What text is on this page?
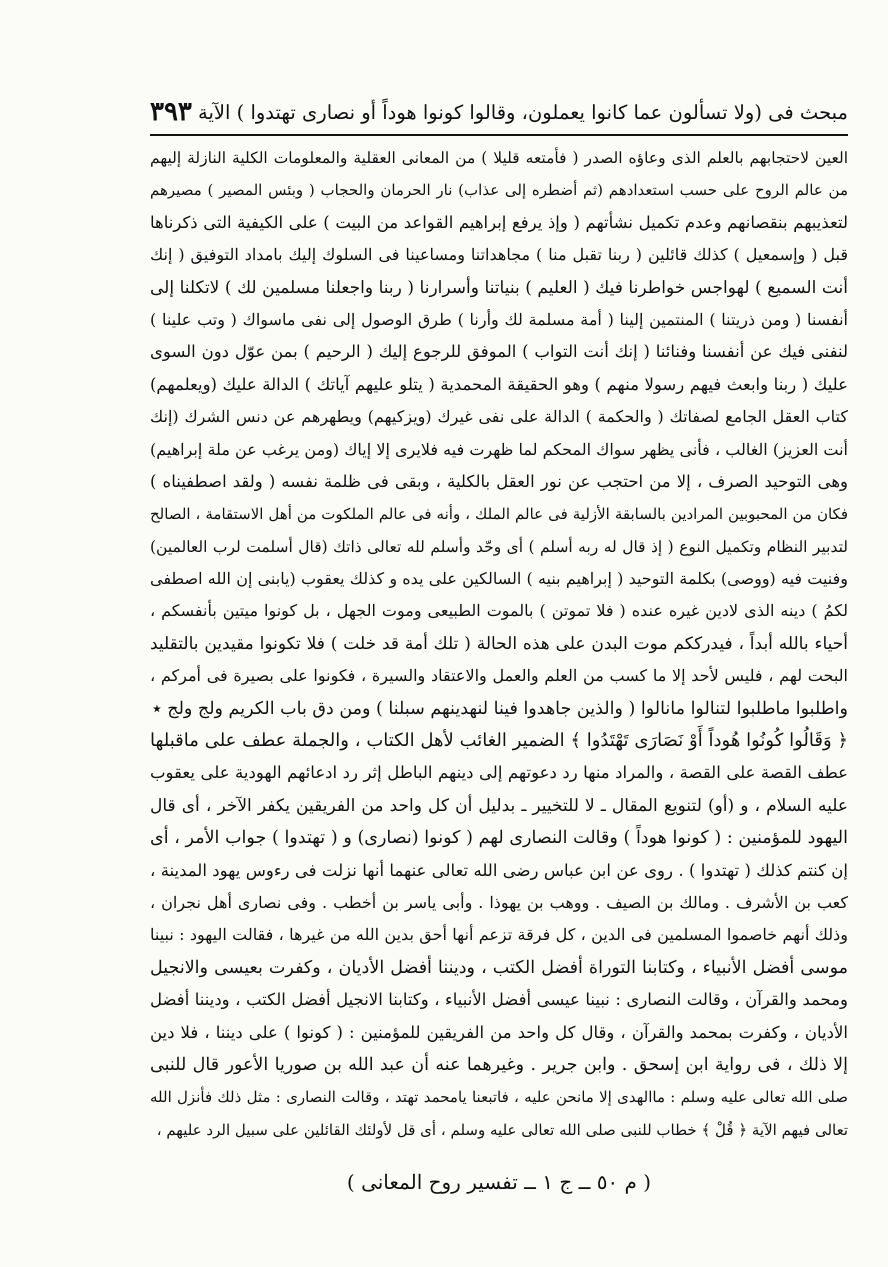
مبحث فى (ولا تسألون عما كانوا يعملون، وقالوا كونوا هوداً أو نصارى تهتدوا ) الآية
٣٩٣
العين لاحتجابهم بالعلم الذى وعاؤه الصدر ( فأمتعه قليلا ) من المعانى العقلية والمعلومات الكلية النازلة إليهم
من عالم الروح على حسب استعدادهم (ثم أضطره إلى عذاب) نار الحرمان والحجاب ( وبئس المصير ) مصيرهم
لتعذيبهم بنقصانهم وعدم تكميل نشأتهم ( وإذ يرفع إبراهيم القواعد من البيت ) على الكيفية التى ذكرناها
قبل ( وإسمعيل ) كذلك قائلين ( ربنا تقبل منا ) مجاهداتنا ومساعينا فى السلوك إليك بامداد التوفيق ( إنك
أنت السميع ) لهواجس خواطرنا فيك ( العليم ) بنياتنا وأسرارنا ( ربنا واجعلنا مسلمين لك ) لاتكلنا إلى
أنفسنا ( ومن ذريتنا ) المنتمين إلينا ( أمة مسلمة لك وأرنا ) طرق الوصول إلى نفى ماسواك ( وتب علينا )
لنفنى فيك عن أنفسنا وفنائنا ( إنك أنت التواب ) الموفق للرجوع إليك ( الرحيم ) بمن عوّل دون السوى
عليك ( ربنا وابعث فيهم رسولا منهم ) وهو الحقيقة المحمدية ( يتلو عليهم آياتك ) الدالة عليك (ويعلمهم)
كتاب العقل الجامع لصفاتك ( والحكمة ) الدالة على نفى غيرك (ويزكيهم) ويطهرهم عن دنس الشرك (إنك
أنت العزيز) الغالب ، فأنى يظهر سواك المحكم لما ظهرت فيه فلايرى إلا إياك (ومن يرغب عن ملة إبراهيم)
وهى التوحيد الصرف ، إلا من احتجب عن نور العقل بالكلية ، وبقى فى ظلمة نفسه ( ولقد اصطفيناه )
فكان من المحبوبين المرادين بالسابقة الأزلية فى عالم الملك ، وأنه فى عالم الملكوت من أهل الاستقامة ، الصالح
لتدبير النظام وتكميل النوع ( إذ قال له ربه أسلم ) أى وحّد وأسلم لله تعالى ذاتك (قال أسلمت لرب العالمين)
وفنيت فيه (ووصى) بكلمة التوحيد ( إبراهيم بنيه ) السالكين على يده و كذلك يعقوب (يابنى إن الله اصطفى
لكمُ ) دينه الذى لادين غيره عنده ( فلا تموتن ) بالموت الطبيعى وموت الجهل ، بل كونوا ميتين بأنفسكم ،
أحياء بالله أبداً ، فيدرككم موت البدن على هذه الحالة ( تلك أمة قد خلت ) فلا تكونوا مقيدين بالتقليد
البحت لهم ، فليس لأحد إلا ما كسب من العلم والعمل والاعتقاد والسيرة ، فكونوا على بصيرة فى أمركم ،
واطلبوا ماطلبوا لتنالوا مانالوا ( والذين جاهدوا فينا لنهدينهم سبلنا ) ومن دق باب الكريم ولج ولج ٭
﴿ وَقَالُوا كُونُوا هُوداً أَوْ نَصَارَى تَهْتَدُوا ﴾ الضمير الغائب لأهل الكتاب ، والجملة عطف على ماقبلها
عطف القصة على القصة ، والمراد منها رد دعوتهم إلى دينهم الباطل إثر رد ادعائهم الهودية على يعقوب
عليه السلام ، و (أو) لتنويع المقال ـ لا للتخيير ـ بدليل أن كل واحد من الفريقين يكفر الآخر ، أى قال
اليهود للمؤمنين : ( كونوا هوداً ) وقالت النصارى لهم ( كونوا (نصارى) و ( تهتدوا ) جواب الأمر ، أى
إن كنتم كذلك ( تهتدوا ) . روى عن ابن عباس رضى الله تعالى عنهما أنها نزلت فى رءوس يهود المدينة ،
كعب بن الأشرف . ومالك بن الصيف . ووهب بن يهوذا . وأبى ياسر بن أخطب . وفى نصارى أهل نجران ،
وذلك أنهم خاصموا المسلمين فى الدين ، كل فرقة تزعم أنها أحق بدين الله من غيرها ، فقالت اليهود : نبينا
موسى أفضل الأنبياء ، وكتابنا التوراة أفضل الكتب ، وديننا أفضل الأديان ، وكفرت بعيسى والانجيل
ومحمد والقرآن ، وقالت النصارى : نبينا عيسى أفضل الأنبياء ، وكتابنا الانجيل أفضل الكتب ، وديننا أفضل
الأديان ، وكفرت بمحمد والقرآن ، وقال كل واحد من الفريقين للمؤمنين : ( كونوا ) على ديننا ، فلا دين
إلا ذلك ، فى رواية ابن إسحق . وابن جرير . وغيرهما عنه أن عبد الله بن صوريا الأعور قال للنبى
صلى الله تعالى عليه وسلم : ماالهدى إلا مانحن عليه ، فاتبعنا يامحمد تهتد ، وقالت النصارى : مثل ذلك فأنزل الله
تعالى فيهم الآية ﴿ قُلْ ﴾ خطاب للنبى صلى الله تعالى عليه وسلم ، أى قل لأولئك القائلين على سبيل الرد عليهم ،
( م ٥٠ ــ ج ١ ــ تفسير روح المعانى )
